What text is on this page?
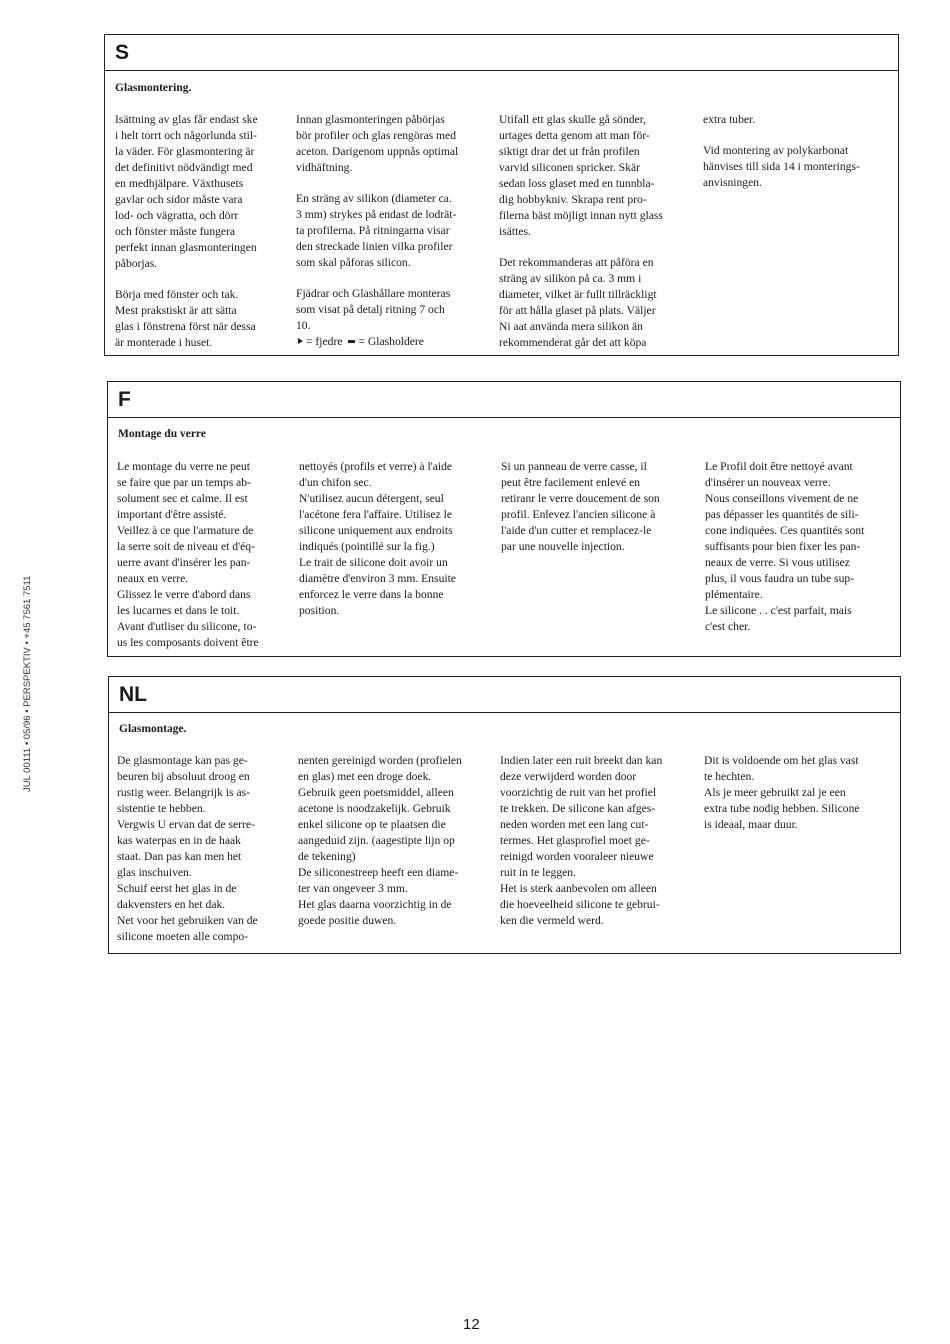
JUL 00111 • 05/96 • PERSPEKTIV • +45 7561 7511
S
Glasmontering.

Isättning av glas får endast ske
i helt torrt och någorlunda stil-
la väder. För glasmontering är
det definitivt nödvändigt med
en medhjälpare. Växthusets
gavlar och sidor måste vara
lod- och vägratta, och dörr
och fönster måste fungera
perfekt innan glasmonteringen
påborjas.

Börja med fönster och tak.
Mest prakstiskt är att sätta
glas i fönstrena först när dessa
är monterade i huset.

Innan glasmonteringen påbörjas
bör profiler och glas rengöras med
aceton. Darigenom uppnås optimal
vidhäftning.

En sträng av silikon (diameter ca.
3 mm) strykes på endast de lodrät-
ta profilerna. På ritningarna visar
den streckade linien vilka profiler
som skal påforas silicon.

Fjädrar och Glashållare monteras
som visat på detalj ritning 7 och
10.

= fjedre = Glasholdere

Utifall ett glas skulle gå sönder,
urtages detta genom att man för-
siktigt drar det ut från profilen
varvid siliconen spricker. Skär
sedan loss glaset med en tunnbla-
dig hobbykniv. Skrapa rent pro-
filerna bäst möjligt innan nytt glass
isättes.

Det rekommanderas att påföra en
sträng av silikon på ca. 3 mm i
diameter, vilket är fullt tillräckligt
för att hålla glaset på plats. Väljer
Ni aat använda mera silikon än
rekommenderat går det att köpa

extra tuber.

Vid montering av polykarbonat
hänvises till sida 14 i monterings-
anvisningen.

F
Montage du verre

Le montage du verre ne peut
se faire que par un temps ab-
solument sec et calme. Il est
important d'être assisté.
Veillez à ce que l'armature de
la serre soit de niveau et d'éq-
uerre avant d'insérer les pan-
neaux en verre.
Glissez le verre d'abord dans
les lucarnes et dans le toit.
Avant d'utliser du silicone, to-
us les composants doivent être

nettoyés (profils et verre) à l'aide
d'un chifon sec.
N'utilisez aucun détergent, seul
l'acétone fera l'affaire. Utilisez le
silicone uniquement aux endroits
indiqués (pointillé sur la fig.)
Le trait de silicone doit avoir un
diamètre d'environ 3 mm. Ensuite
enforcez le verre dans la bonne
position.

Si un panneau de verre casse, il
peut être facilement enlevé en
retiranr le verre doucement de son
profil. Enlevez l'ancien silicone à
l'aide d'un cutter et remplacez-le
par une nouvelle injection.

Le Profil doit être nettoyé avant
d'insérer un nouveax verre.
Nous conseillons vivement de ne
pas dépasser les quantités de sili-
cone indiquées. Ces quantités sont
suffisants pour bien fixer les pan-
neaux de verre. Si vous utilisez
plus, il vous faudra un tube sup-
plémentaire.
Le silicone . . c'est parfait, mais
c'est cher.

NL
Glasmontage.

De glasmontage kan pas ge-
beuren bij absoluut droog en
rustig weer. Belangrijk is as-
sistentie te hebben.
Vergwis U ervan dat de serre-
kas waterpas en in de haak
staat. Dan pas kan men het
glas inschuiven.
Schuif eerst het glas in de
dakvensters en het dak.
Net voor het gebruiken van de
silicone moeten alle compo-

nenten gereinigd worden (profielen
en glas) met een droge doek.
Gebruik geen poetsmiddel, alleen
acetone is noodzakelijk. Gebruik
enkel silicone op te plaatsen die
aangeduid zijn. (aagestipte lijn op
de tekening)
De siliconestreep heeft een diame-
ter van ongeveer 3 mm.
Het glas daarna voorzichtig in de
goede positie duwen.

Indien later een ruit breekt dan kan
deze verwijderd worden door
voorzichtig de ruit van het profiel
te trekken. De silicone kan afges-
neden worden met een lang cut-
termes. Het glasprofiel moet ge-
reinigd worden vooraleer nieuwe
ruit in te leggen.
Het is sterk aanbevolen om alleen
die hoeveelheid silicone te gebrui-
ken die vermeld werd.

Dit is voldoende om het glas vast
te hechten.
Als je meer gebruikt zal je een
extra tube nodig hebben. Silicone
is ideaal, maar duur.

12
